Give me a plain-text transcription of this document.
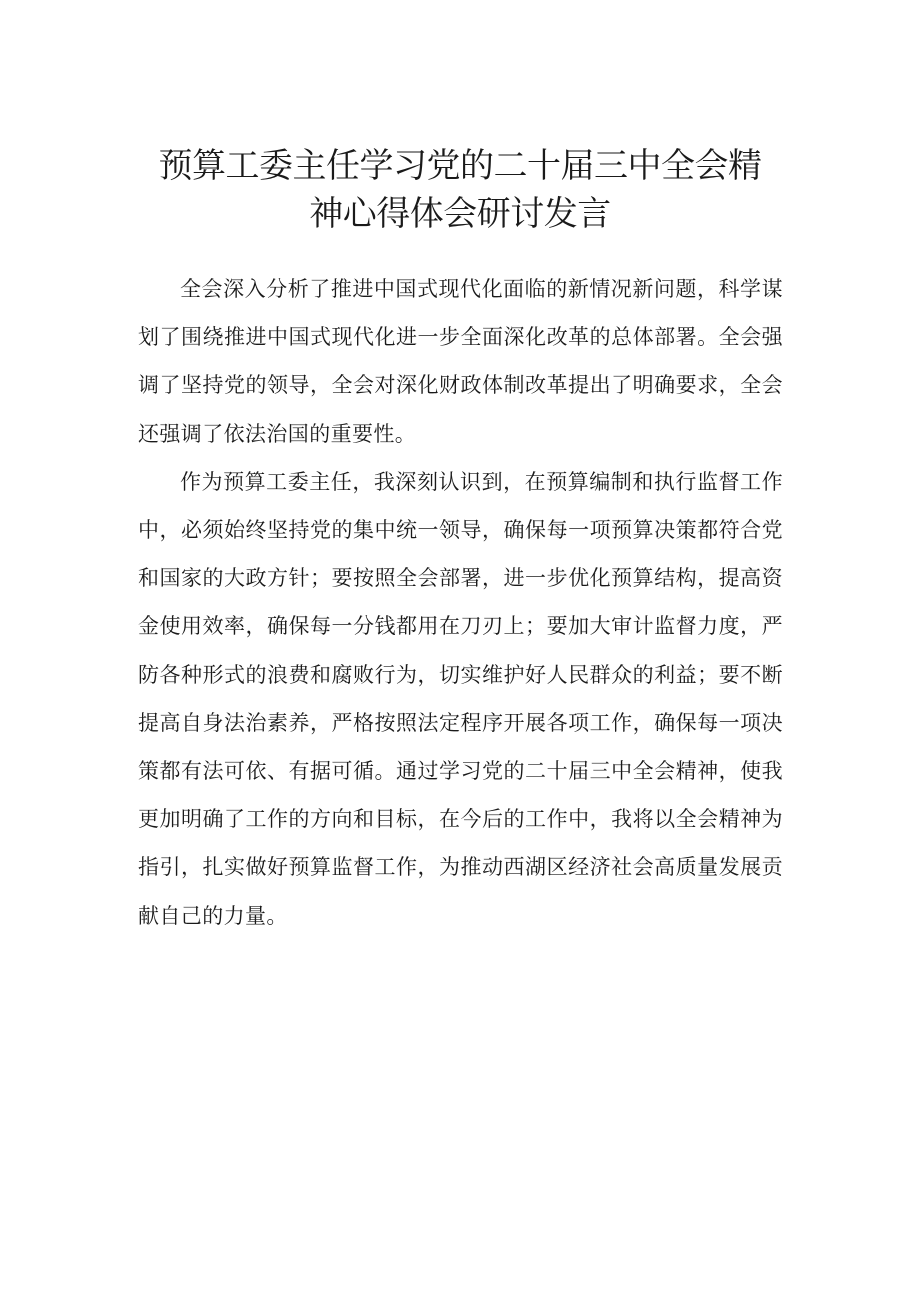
预算工委主任学习党的二十届三中全会精
神心得体会研讨发言

全会深入分析了推进中国式现代化面临的新情况新问题，科学谋划了围绕推进中国式现代化进一步全面深化改革的总体部署。全会强调了坚持党的领导，全会对深化财政体制改革提出了明确要求，全会还强调了依法治国的重要性。

作为预算工委主任，我深刻认识到，在预算编制和执行监督工作中，必须始终坚持党的集中统一领导，确保每一项预算决策都符合党和国家的大政方针；要按照全会部署，进一步优化预算结构，提高资金使用效率，确保每一分钱都用在刀刃上；要加大审计监督力度，严防各种形式的浪费和腐败行为，切实维护好人民群众的利益；要不断提高自身法治素养，严格按照法定程序开展各项工作，确保每一项决策都有法可依、有据可循。通过学习党的二十届三中全会精神，使我更加明确了工作的方向和目标，在今后的工作中，我将以全会精神为指引，扎实做好预算监督工作，为推动西湖区经济社会高质量发展贡献自己的力量。
